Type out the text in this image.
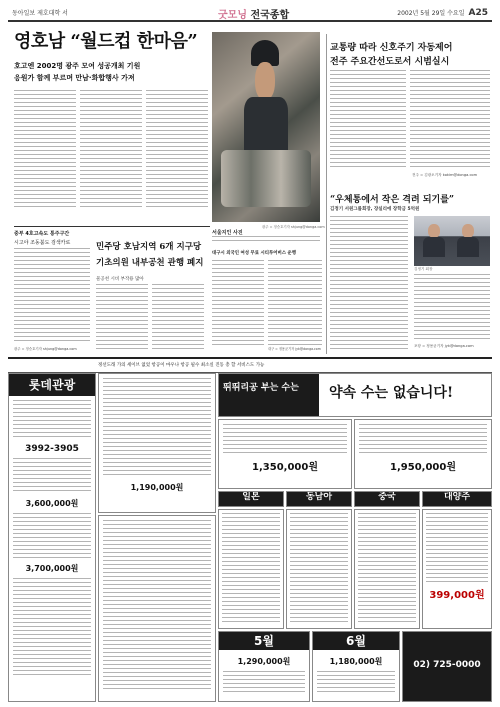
동아일보 제호대학 서	굿모닝 전국종합	2002년 5월 29일 수요일 A25
영호남 “월드컵 한마음”
호고엔 2002명 광주 모여 성공개최 기원
응원가 함께 부르며 만남·화합행사 가져
광주 = 정승호기자 shjung@donga.com
서울지인 사진
교통량 따라 신호주기 자동제어
전주 주요간선도로서 시범실시
전주 = 김광오기자 kokim@donga.com
“우체통에서 작은 격려 되기를”
김정기 서원그룹회장, 장실리에 장학금 5억원
김정기 회장
포항 = 정용균기자 jyk@donga.com
중부 4호고속도 통주구간
시고야 조동붐도 검색카로
광주 = 정승호기자 shjung@donga.com
민주당 호남지역 6개 지구당
기초의원 내부공천 관행 폐지
물공천 시비 부작용 많아
대구시 외국인 여성 무료 시티투어버스 운행
대구 = 정용균기자 jyk@donga.com
정선도래 가의 세이브 없었 항공이 마우나 항공 필수 최소실 진동 총 할 서비스도 가능
롯데관광
3992-3905
3,600,000원
3,700,000원
1,190,000원
뛰뛰리공 부는 수는	약속 수는 없습니다!
1,350,000원	1,950,000원
일본	동남아	중국	대양주
399,000원
5월
1,290,000원
6월
1,180,000원	02) 725-0000
